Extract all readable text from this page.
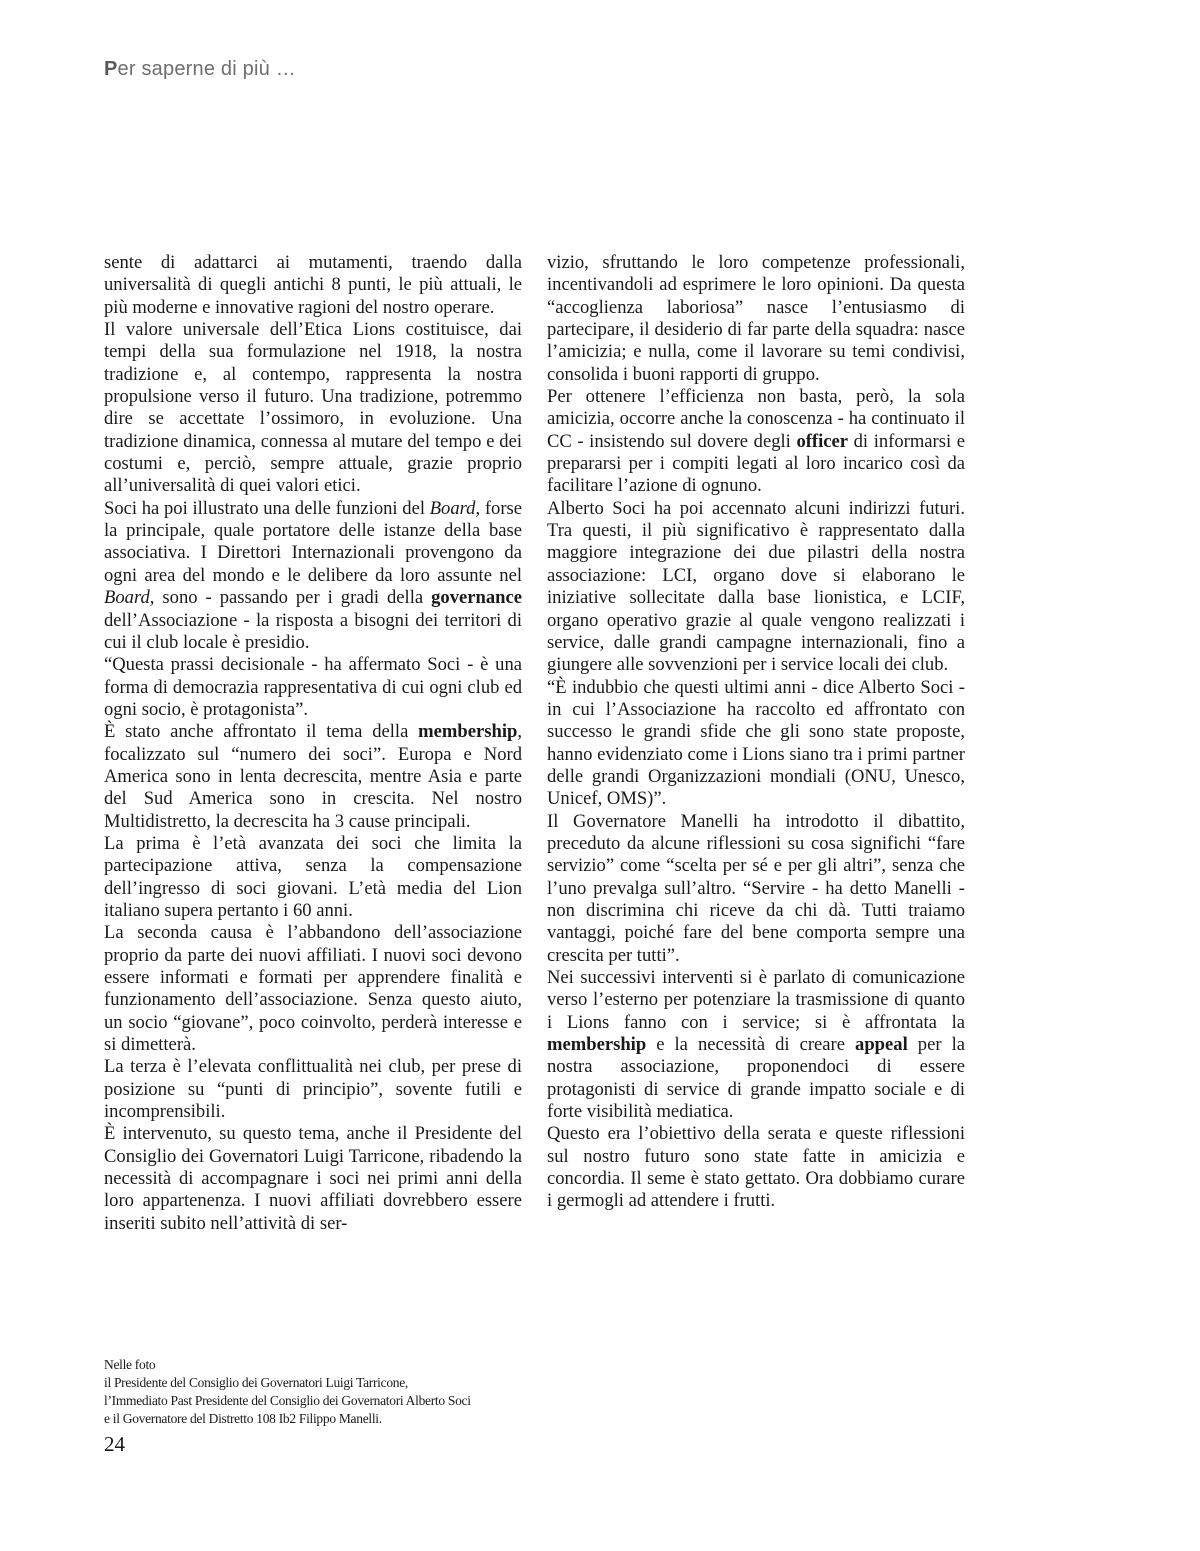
Per saperne di più …

sente di adattarci ai mutamenti, traendo dalla universalità di quegli antichi 8 punti, le più attuali, le più moderne e innovative ragioni del nostro operare.

Il valore universale dell’Etica Lions costituisce, dai tempi della sua formulazione nel 1918, la nostra tradizione e, al contempo, rappresenta la nostra propulsione verso il futuro. Una tradizione, potremmo dire se accettate l’ossimoro, in evoluzione. Una tradizione dinamica, connessa al mutare del tempo e dei costumi e, perciò, sempre attuale, grazie proprio all’universalità di quei valori etici.

Soci ha poi illustrato una delle funzioni del Board, forse la principale, quale portatore delle istanze della base associativa. I Direttori Internazionali provengono da ogni area del mondo e le delibere da loro assunte nel Board, sono - passando per i gradi della governance dell’Associazione - la risposta a bisogni dei territori di cui il club locale è presidio.

“Questa prassi decisionale - ha affermato Soci - è una forma di democrazia rappresentativa di cui ogni club ed ogni socio, è protagonista”.

È stato anche affrontato il tema della membership, focalizzato sul “numero dei soci”. Europa e Nord America sono in lenta decrescita, mentre Asia e parte del Sud America sono in crescita. Nel nostro Multidistretto, la decrescita ha 3 cause principali.

La prima è l’età avanzata dei soci che limita la partecipazione attiva, senza la compensazione dell’ingresso di soci giovani. L’età media del Lion italiano supera pertanto i 60 anni.

La seconda causa è l’abbandono dell’associazione proprio da parte dei nuovi affiliati. I nuovi soci devono essere informati e formati per apprendere finalità e funzionamento dell’associazione. Senza questo aiuto, un socio “giovane”, poco coinvolto, perderà interesse e si dimetterà.

La terza è l’elevata conflittualità nei club, per prese di posizione su “punti di principio”, sovente futili e incomprensibili.

È intervenuto, su questo tema, anche il Presidente del Consiglio dei Governatori Luigi Tarricone, ribadendo la necessità di accompagnare i soci nei primi anni della loro appartenenza. I nuovi affiliati dovrebbero essere inseriti subito nell’attività di ser-

vizio, sfruttando le loro competenze professionali, incentivandoli ad esprimere le loro opinioni. Da questa “accoglienza laboriosa” nasce l’entusiasmo di partecipare, il desiderio di far parte della squadra: nasce l’amicizia; e nulla, come il lavorare su temi condivisi, consolida i buoni rapporti di gruppo.

Per ottenere l’efficienza non basta, però, la sola amicizia, occorre anche la conoscenza - ha continuato il CC - insistendo sul dovere degli officer di informarsi e prepararsi per i compiti legati al loro incarico così da facilitare l’azione di ognuno.

Alberto Soci ha poi accennato alcuni indirizzi futuri. Tra questi, il più significativo è rappresentato dalla maggiore integrazione dei due pilastri della nostra associazione: LCI, organo dove si elaborano le iniziative sollecitate dalla base lionistica, e LCIF, organo operativo grazie al quale vengono realizzati i service, dalle grandi campagne internazionali, fino a giungere alle sovvenzioni per i service locali dei club.

“È indubbio che questi ultimi anni - dice Alberto Soci - in cui l’Associazione ha raccolto ed affrontato con successo le grandi sfide che gli sono state proposte, hanno evidenziato come i Lions siano tra i primi partner delle grandi Organizzazioni mondiali (ONU, Unesco, Unicef, OMS)”.

Il Governatore Manelli ha introdotto il dibattito, preceduto da alcune riflessioni su cosa significhi “fare servizio” come “scelta per sé e per gli altri”, senza che l’uno prevalga sull’altro. “Servire - ha detto Manelli - non discrimina chi riceve da chi dà. Tutti traiamo vantaggi, poiché fare del bene comporta sempre una crescita per tutti”.

Nei successivi interventi si è parlato di comunicazione verso l’esterno per potenziare la trasmissione di quanto i Lions fanno con i service; si è affrontata la membership e la necessità di creare appeal per la nostra associazione, proponendoci di essere protagonisti di service di grande impatto sociale e di forte visibilità mediatica.

Questo era l’obiettivo della serata e queste riflessioni sul nostro futuro sono state fatte in amicizia e concordia. Il seme è stato gettato. Ora dobbiamo curare i germogli ad attendere i frutti.

Nelle foto
il Presidente del Consiglio dei Governatori Luigi Tarricone,
l’Immediato Past Presidente del Consiglio dei Governatori Alberto Soci
e il Governatore del Distretto 108 Ib2 Filippo Manelli.
24
